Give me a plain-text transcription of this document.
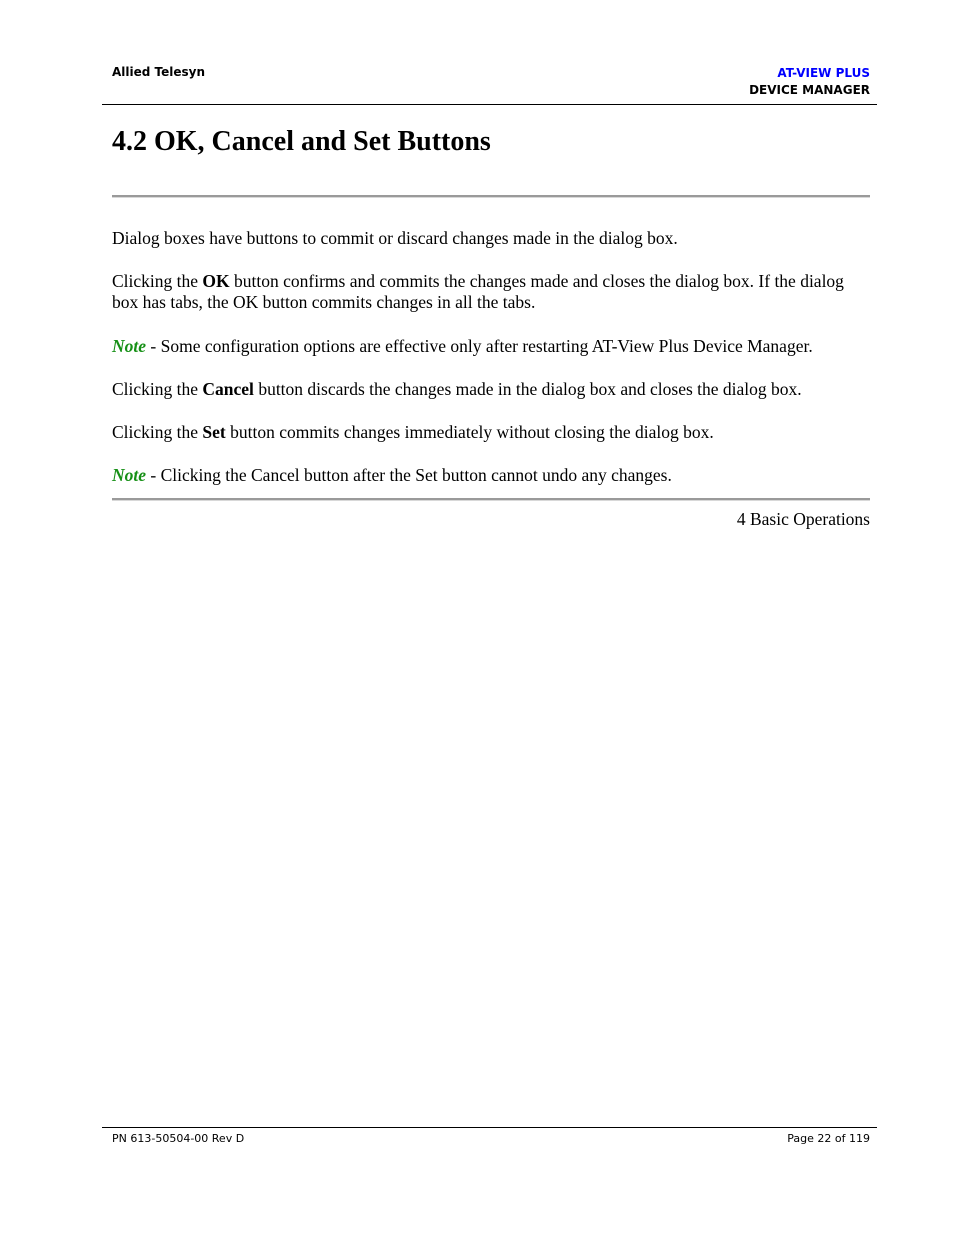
Allied Telesyn	AT-VIEW PLUS
DEVICE MANAGER
4.2 OK, Cancel and Set Buttons

Dialog boxes have buttons to commit or discard changes made in the dialog box.

Clicking the OK button confirms and commits the changes made and closes the dialog box. If the dialog box has tabs, the OK button commits changes in all the tabs.

Note - Some configuration options are effective only after restarting AT-View Plus Device Manager.

Clicking the Cancel button discards the changes made in the dialog box and closes the dialog box.

Clicking the Set button commits changes immediately without closing the dialog box.

Note - Clicking the Cancel button after the Set button cannot undo any changes.

4 Basic Operations
PN 613-50504-00 Rev D	Page 22 of 119
